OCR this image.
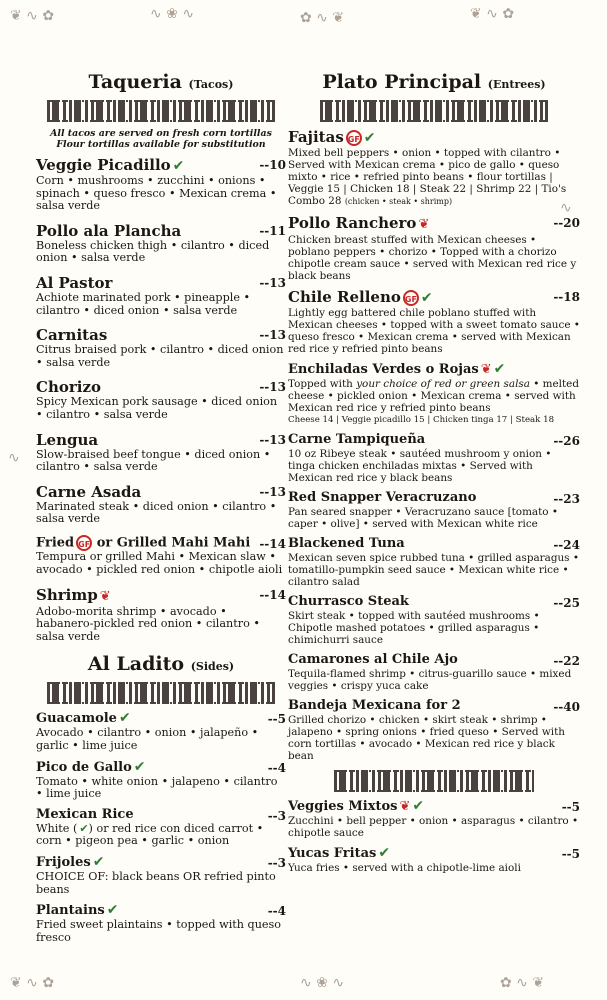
❦ ∿ ✿	∿ ❀ ∿	✿ ∿ ❦	❦ ∿ ✿
∿
∿
❦ ∿ ✿	∿ ❀ ∿	✿ ∿ ❦
Taqueria (Tacos)
All tacos are served on fresh corn tortillas Flour tortillas available for substitution
Veggie Picadillo ✔	--10
Corn • mushrooms • zucchini • onions • spinach • queso fresco • Mexican crema • salsa verde
Pollo ala Plancha	--11
Boneless chicken thigh • cilantro • diced onion • salsa verde
Al Pastor	--13
Achiote marinated pork • pineapple • cilantro • diced onion • salsa verde
Carnitas	--13
Citrus braised pork • cilantro • diced onion • salsa verde
Chorizo	--13
Spicy Mexican pork sausage • diced onion • cilantro • salsa verde
Lengua	--13
Slow-braised beef tongue • diced onion • cilantro • salsa verde
Carne Asada	--13
Marinated steak • diced onion • cilantro • salsa verde
Fried GF or Grilled Mahi Mahi --14
Tempura or grilled Mahi • Mexican slaw • avocado • pickled red onion • chipotle aioli
Shrimp ❦	--14
Adobo-morita shrimp • avocado • habanero-pickled red onion • cilantro • salsa verde
Al Ladito (Sides)
Guacamole ✔	--5
Avocado • cilantro • onion • jalapeño • garlic • lime juice
Pico de Gallo ✔	--4
Tomato • white onion • jalapeno • cilantro • lime juice
Mexican Rice	--3
White ( ✔) or red rice con diced carrot • corn • pigeon pea • garlic • onion
Frijoles ✔	--3
CHOICE OF: black beans OR refried pinto beans
Plantains ✔	--4
Fried sweet plaintains • topped with queso fresco
Plato Principal (Entrees)
Fajitas GF ✔
Mixed bell peppers • onion • topped with cilantro • Served with Mexican crema • pico de gallo • queso mixto • rice • refried pinto beans • flour tortillas | Veggie 15 | Chicken 18 | Steak 22 | Shrimp 22 | Tio's Combo 28 (chicken • steak • shrimp)
Pollo Ranchero ❦	--20
Chicken breast stuffed with Mexican cheeses • poblano peppers • chorizo • Topped with a chorizo chipotle cream sauce • served with Mexican red rice y black beans
Chile Relleno GF ✔	--18
Lightly egg battered chile poblano stuffed with Mexican cheeses • topped with a sweet tomato sauce • queso fresco • Mexican crema • served with Mexican red rice y refried pinto beans
Enchiladas Verdes o Rojas ❦ ✔
Topped with your choice of red or green salsa • melted cheese • pickled onion • Mexican crema • served with Mexican red rice y refried pinto beans
Cheese 14 | Veggie picadillo 15 | Chicken tinga 17 | Steak 18
Carne Tampiqueña	--26
10 oz Ribeye steak • sautéed mushroom y onion • tinga chicken enchiladas mixtas • Served with Mexican red rice y black beans
Red Snapper Veracruzano	--23
Pan seared snapper • Veracruzano sauce [tomato • caper • olive] • served with Mexican white rice
Blackened Tuna	--24
Mexican seven spice rubbed tuna • grilled asparagus • tomatillo-pumpkin seed sauce • Mexican white rice • cilantro salad
Churrasco Steak	--25
Skirt steak • topped with sautéed mushrooms • Chipotle mashed potatoes • grilled asparagus • chimichurri sauce
Camarones al Chile Ajo	--22
Tequila-flamed shrimp • citrus-guarillo sauce • mixed veggies • crispy yuca cake
Bandeja Mexicana for 2	--40
Grilled chorizo • chicken • skirt steak • shrimp • jalapeno • spring onions • fried queso • Served with corn tortillas • avocado • Mexican red rice y black bean
Veggies Mixtos ❦ ✔	--5
Zucchini • bell pepper • onion • asparagus • cilantro • chipotle sauce
Yucas Fritas ✔	--5
Yuca fries • served with a chipotle-lime aioli
